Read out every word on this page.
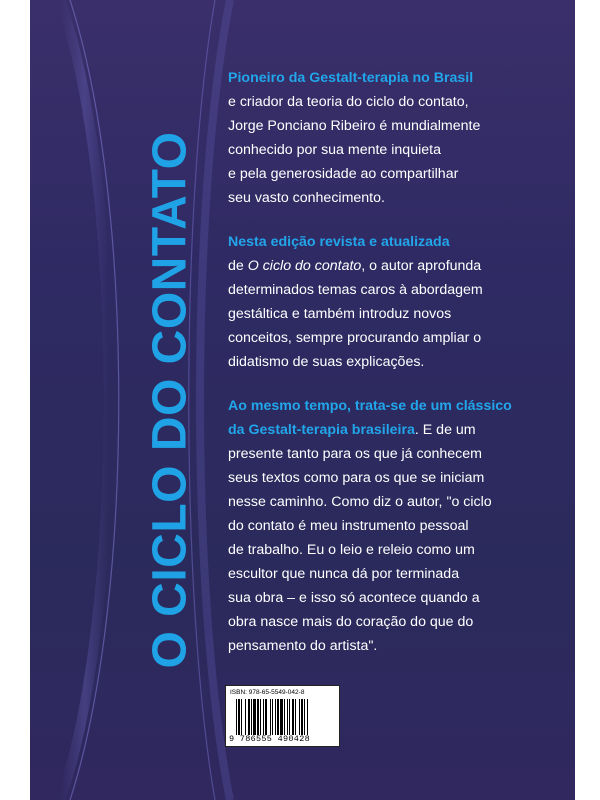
O CICLO DO CONTATO

Pioneiro da Gestalt-terapia no Brasil
e criador da teoria do ciclo do contato,
Jorge Ponciano Ribeiro é mundialmente
conhecido por sua mente inquieta
e pela generosidade ao compartilhar
seu vasto conhecimento.

Nesta edição revista e atualizada
de O ciclo do contato, o autor aprofunda
determinados temas caros à abordagem
gestáltica e também introduz novos
conceitos, sempre procurando ampliar o
didatismo de suas explicações.

Ao mesmo tempo, trata-se de um clássico
da Gestalt-terapia brasileira. E de um
presente tanto para os que já conhecem
seus textos como para os que se iniciam
nesse caminho. Como diz o autor, "o ciclo
do contato é meu instrumento pessoal
de trabalho. Eu o leio e releio como um
escultor que nunca dá por terminada
sua obra – e isso só acontece quando a
obra nasce mais do coração do que do
pensamento do artista".

ISBN: 978-65-5549-042-8
9 786555 490428
